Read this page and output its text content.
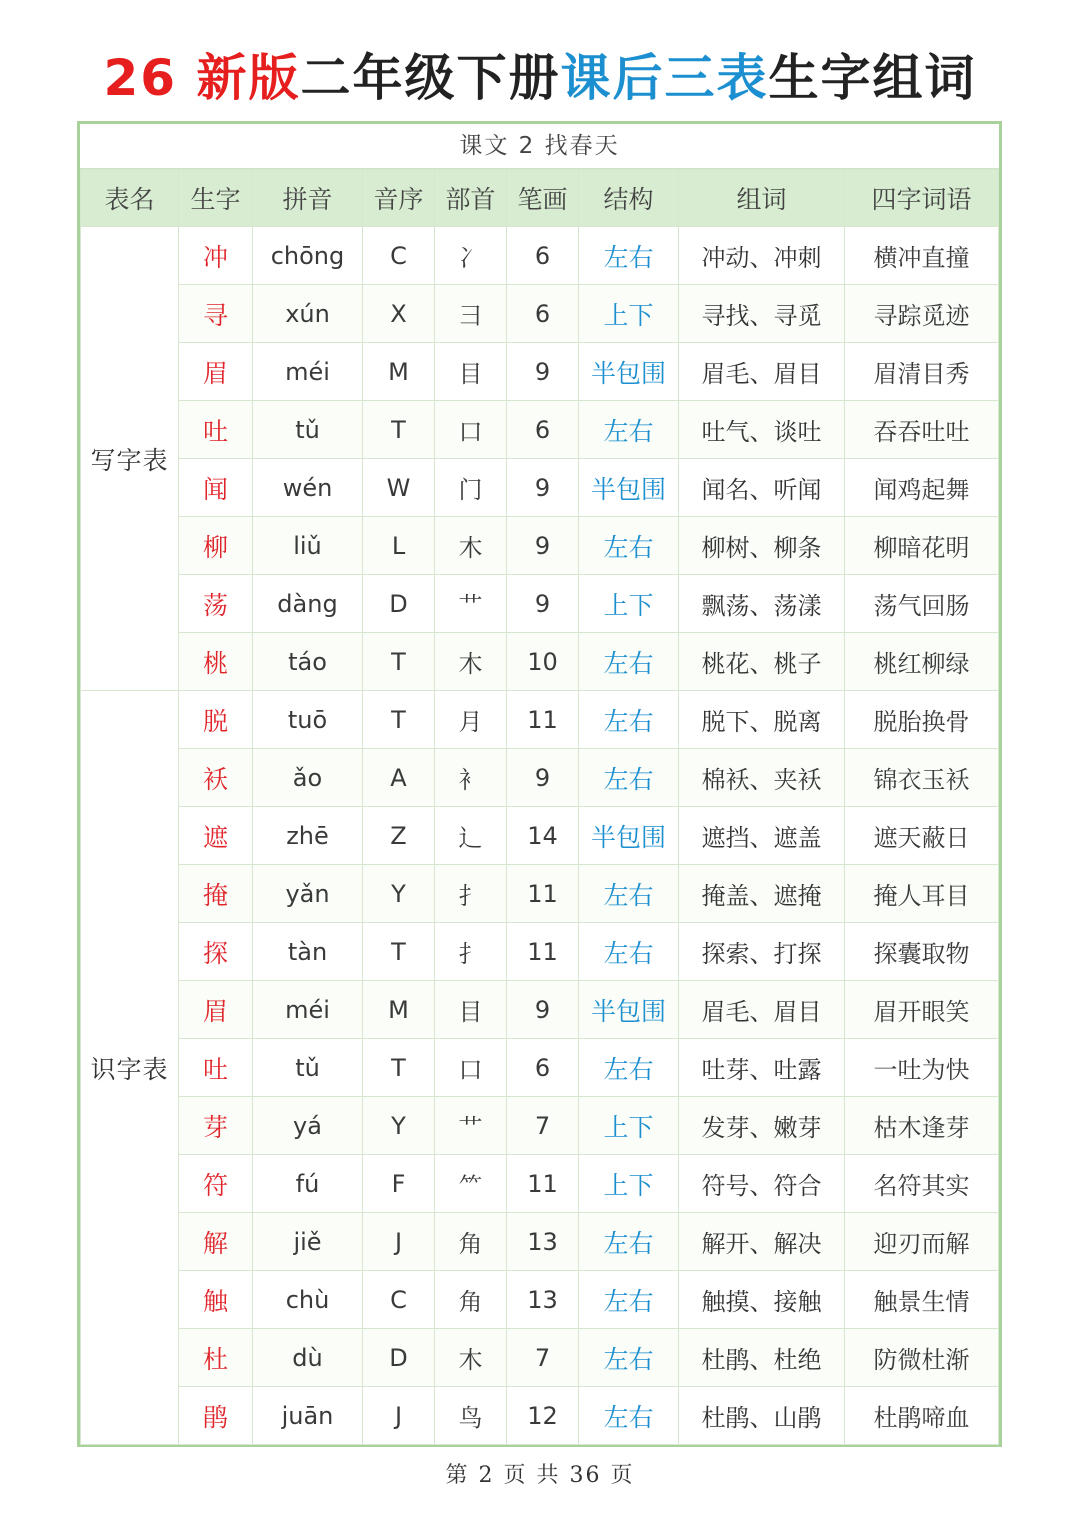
26 新版二年级下册课后三表生字组词
课文 2 找春天
表名	生字	拼音	音序	部首	笔画	结构	组词	四字词语
写字表	冲	chōng	C	冫	6	左右	冲动、冲刺	横冲直撞
	寻	xún	X	彐	6	上下	寻找、寻觅	寻踪觅迹
	眉	méi	M	目	9	半包围	眉毛、眉目	眉清目秀
	吐	tǔ	T	口	6	左右	吐气、谈吐	吞吞吐吐
	闻	wén	W	门	9	半包围	闻名、听闻	闻鸡起舞
	柳	liǔ	L	木	9	左右	柳树、柳条	柳暗花明
	荡	dàng	D	艹	9	上下	飘荡、荡漾	荡气回肠
	桃	táo	T	木	10	左右	桃花、桃子	桃红柳绿
识字表	脱	tuō	T	月	11	左右	脱下、脱离	脱胎换骨
	袄	ǎo	A	衤	9	左右	棉袄、夹袄	锦衣玉袄
	遮	zhē	Z	辶	14	半包围	遮挡、遮盖	遮天蔽日
	掩	yǎn	Y	扌	11	左右	掩盖、遮掩	掩人耳目
	探	tàn	T	扌	11	左右	探索、打探	探囊取物
	眉	méi	M	目	9	半包围	眉毛、眉目	眉开眼笑
	吐	tǔ	T	口	6	左右	吐芽、吐露	一吐为快
	芽	yá	Y	艹	7	上下	发芽、嫩芽	枯木逢芽
	符	fú	F	⺮	11	上下	符号、符合	名符其实
	解	jiě	J	角	13	左右	解开、解决	迎刃而解
	触	chù	C	角	13	左右	触摸、接触	触景生情
	杜	dù	D	木	7	左右	杜鹃、杜绝	防微杜渐
	鹃	juān	J	鸟	12	左右	杜鹃、山鹃	杜鹃啼血
第 2 页 共 36 页
